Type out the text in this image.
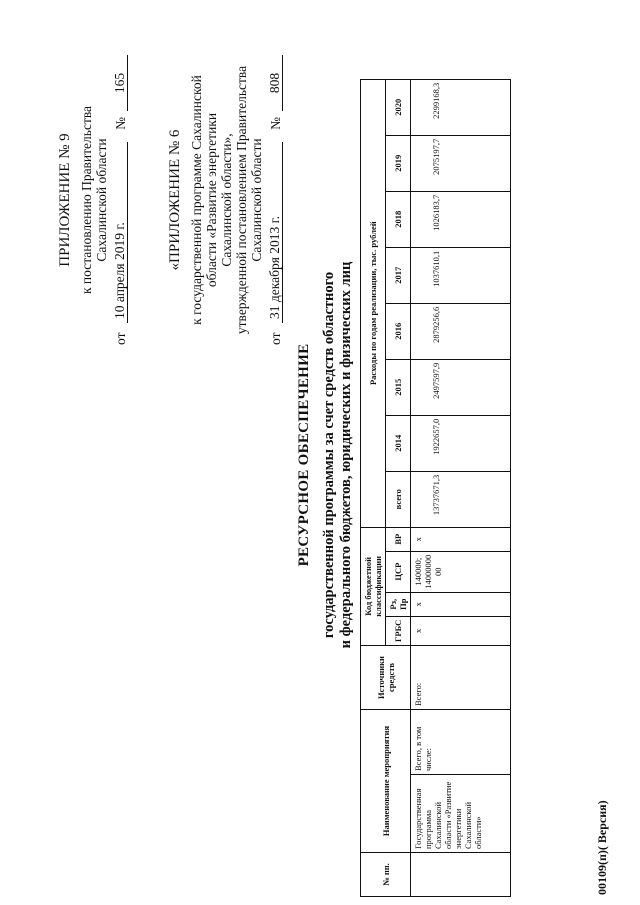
ПРИЛОЖЕНИЕ № 9 к постановлению Правительства Сахалинской области
от
10 апреля 2019 г.
№
165
«ПРИЛОЖЕНИЕ № 6 к государственной программе Сахалинской области «Развитие энергетики Сахалинской области», утвержденной постановлением Правительства Сахалинской области
от
31 декабря 2013 г.
№
808
РЕСУРСНОЕ ОБЕСПЕЧЕНИЕ государственной программы за счет средств областного и федерального бюджетов, юридических и физических лиц
№ пп.	Наименование мероприятия		Источники средств	Код бюджетной классификации				Расходы по годам реализации, тыс. рублей							
				ГРБС	Рз, Пр	ЦСР	ВР	всего	2014	2015	2016	2017	2018	2019	2020
	Государственная программа Сахалинской области «Развитие энергетики Сахалинской области»	Всего, в том числе:	Всего:	х	х	140000; 14000000 00	х	13737671,3	1922657,0	2497597,9	2879256,6	1037610,1	1026183,7	2075197,7	2299168,3
00109(п)( Версия)
